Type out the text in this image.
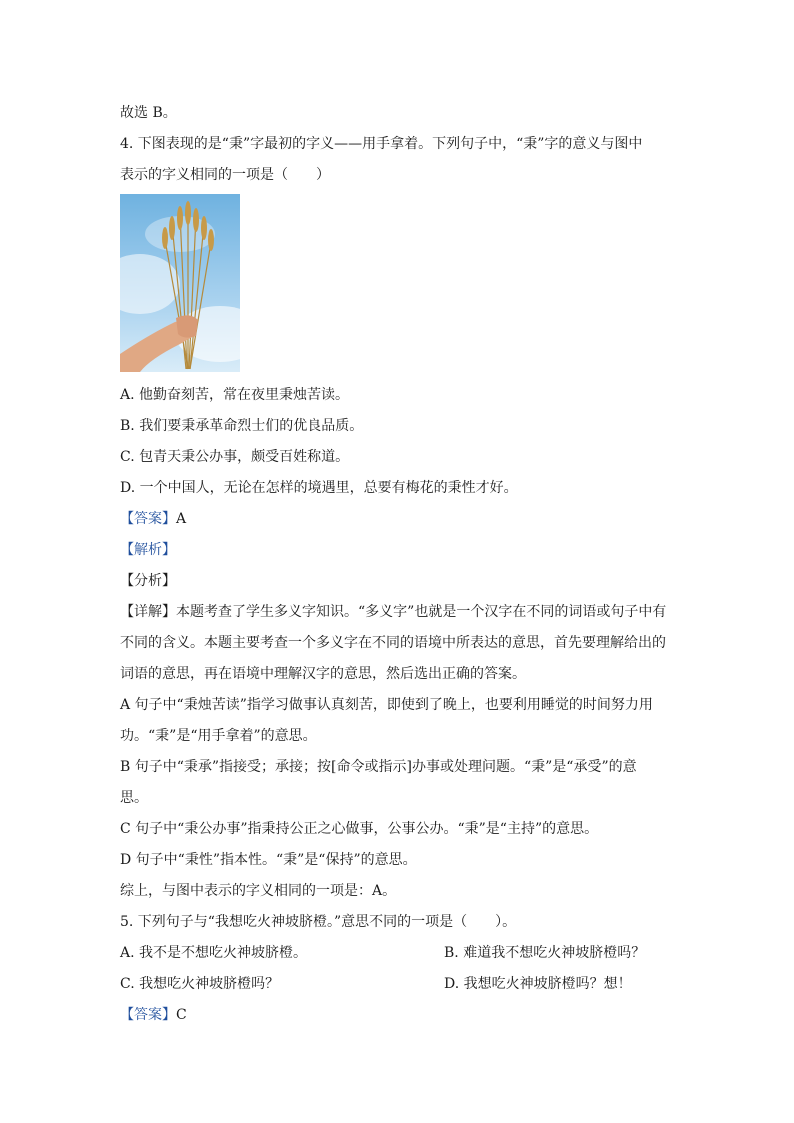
故选 B。
4. 下图表现的是“秉”字最初的字义——用手拿着。下列句子中，“秉”字的意义与图中
表示的字义相同的一项是（　　）
A. 他勤奋刻苦，常在夜里秉烛苦读。
B. 我们要秉承革命烈士们的优良品质。
C. 包青天秉公办事，颇受百姓称道。
D. 一个中国人，无论在怎样的境遇里，总要有梅花的秉性才好。
【答案】A
【解析】
【分析】
【详解】本题考查了学生多义字知识。“多义字”也就是一个汉字在不同的词语或句子中有
不同的含义。本题主要考查一个多义字在不同的语境中所表达的意思，首先要理解给出的
词语的意思，再在语境中理解汉字的意思，然后选出正确的答案。
A 句子中“秉烛苦读”指学习做事认真刻苦，即使到了晚上，也要利用睡觉的时间努力用
功。“秉”是“用手拿着”的意思。
B 句子中“秉承”指接受；承接；按[命令或指示]办事或处理问题。“秉”是“承受”的意
思。
C 句子中“秉公办事”指秉持公正之心做事，公事公办。“秉”是“主持”的意思。
D 句子中“秉性”指本性。“秉”是“保持”的意思。
综上，与图中表示的字义相同的一项是：A。
5. 下列句子与“我想吃火神坡脐橙。”意思不同的一项是（　　）。
A. 我不是不想吃火神坡脐橙。	B. 难道我不想吃火神坡脐橙吗？
C. 我想吃火神坡脐橙吗？	D. 我想吃火神坡脐橙吗？想！
【答案】C
